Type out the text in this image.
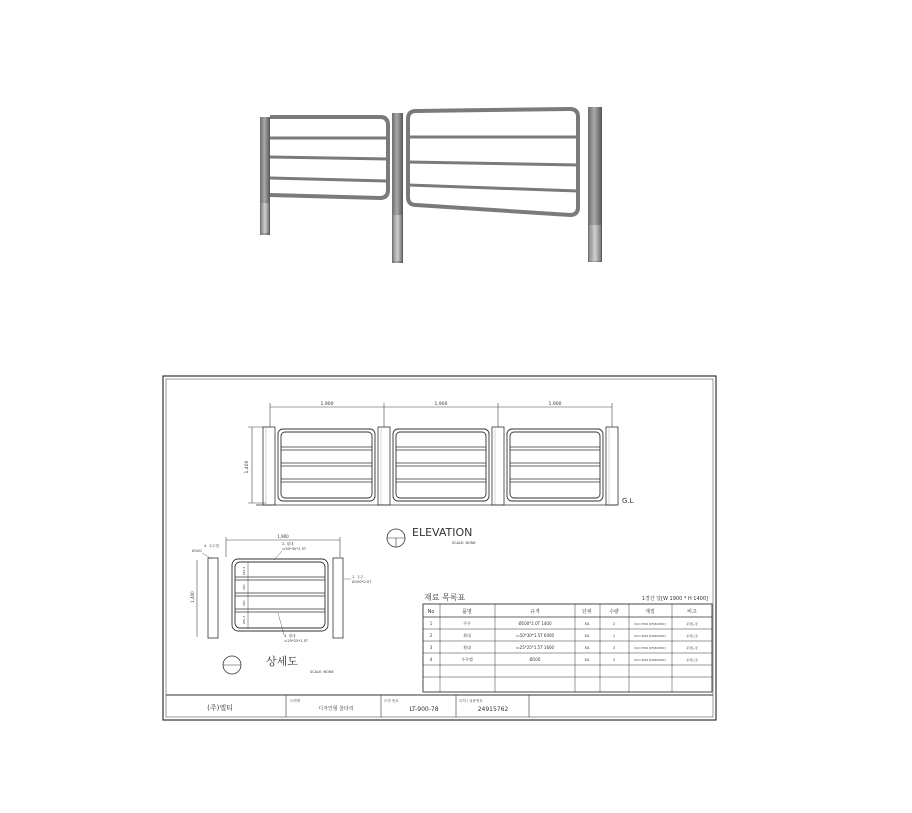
1,900	1,900	1,900
1,400
G.L
ELEVATION
SCALE: NONE
1,900
1,400
281.3
281
281
281.3
4. 주주캡
Ø100
2. 횡대
▭50*30*1.5T
1. 주주
Ø100*2.0T
3. 횡대
▭25*25*1.5T
상세도
SCALE: NONE
재료 목록표	1경간 당[W 1900 * H 1400]
No	품명	규격	단위	수량	재질	비고
1	주주	Ø100*2.0T 1400	EA	2	KS D 3536 (STS304TKC)	분체도장
2	횡대	▭50*30*1.5T 6000	EA	1	KS D 3536 (STS304TKC)	분체도장
3	횡대	▭25*25*1.5T 1600	EA	3	KS D 3536 (STS304TKC)	분체도장
4	주주캡	Ø100	EA	2	KS D 3536 (STS304TKC)	분체도장
(주)엘티
도면명
디자인형 울타리
도면 번호
LT-900-78
특허 / 실용번호
24915762
